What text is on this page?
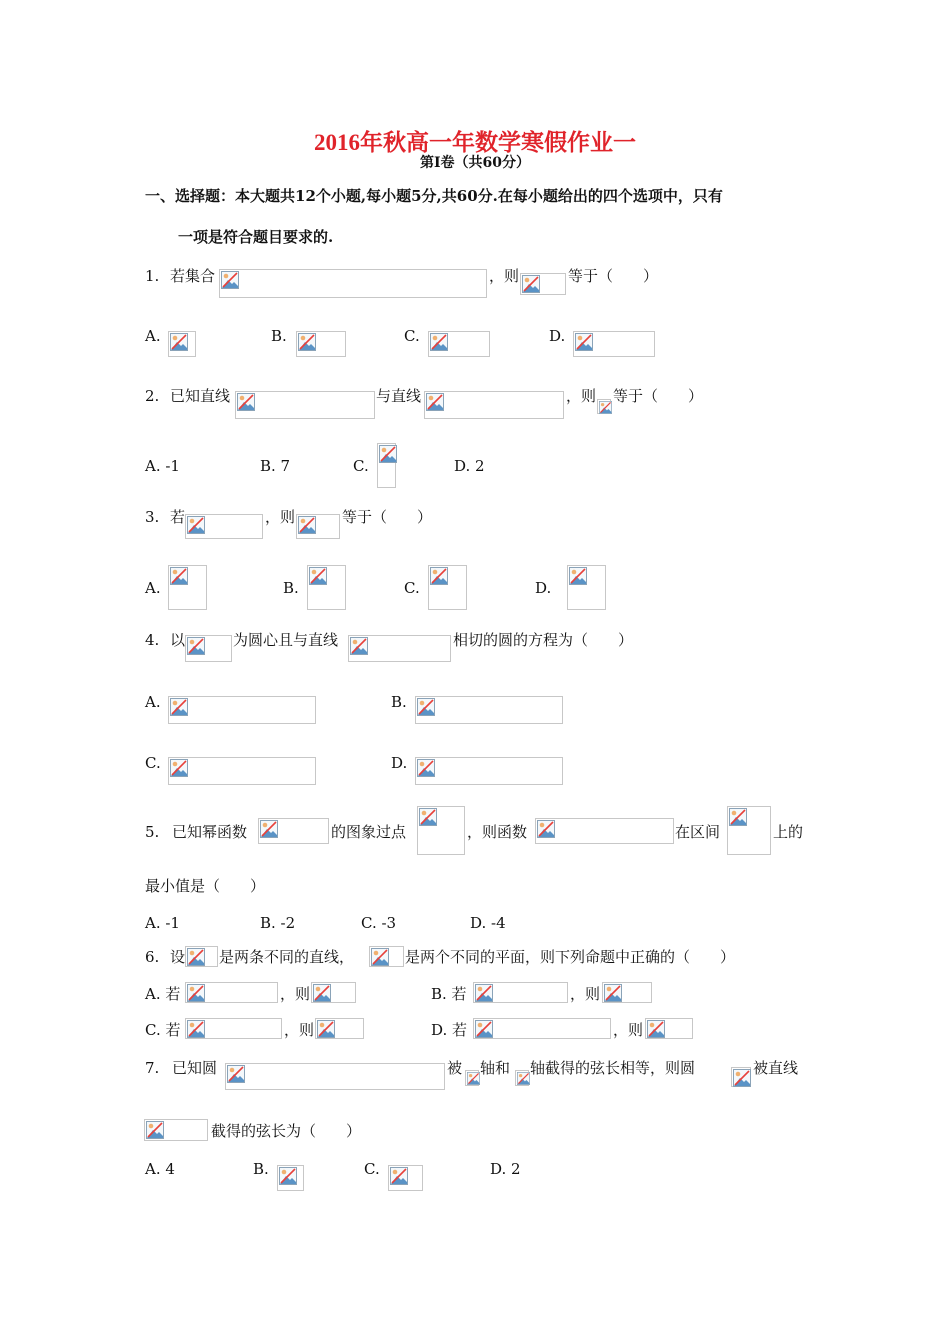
2016年秋高一年数学寒假作业一
第Ⅰ卷（共60分）
一、选择题：本大题共12个小题,每小题5分,共60分.在每小题给出的四个选项中，只有
一项是符合题目要求的.
1. 若集合	，则	等于（　　）
A.	B.	C.	D.
2. 已知直线	与直线	，则 等于（　　）
A. -1	B. 7	C.	D. 2
3. 若	，则	等于（　　）
A.	B.	C.	D.
4. 以	为圆心且与直线	相切的圆的方程为（　　）
A.	B.
C.	D.
5. 已知幂函数	的图象过点	，则函数	在区间	上的
最小值是（　　）
A. -1	B. -2	C. -3	D. -4
6. 设 是两条不同的直线，	是两个不同的平面，则下列命题中正确的（　　）
A. 若	，则	B. 若	，则
C. 若	，则	D. 若	，则
7. 已知圆	被 轴和 轴截得的弦长相等，则圆	被直线
截得的弦长为（　　）
A. 4	B.	C.	D. 2
